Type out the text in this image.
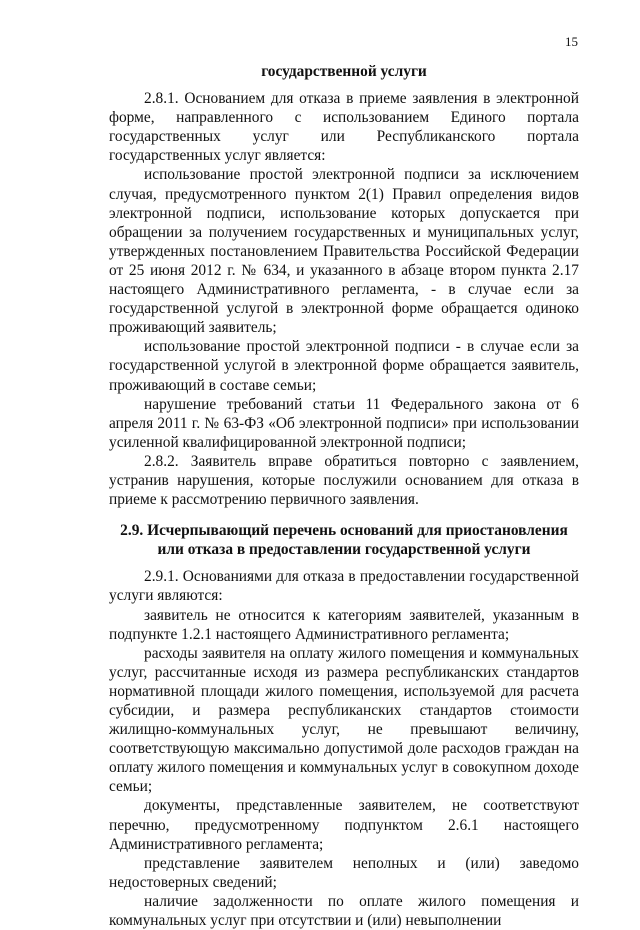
15
государственной услуги

2.8.1. Основанием для отказа в приеме заявления в электронной форме, направленного с использованием Единого портала государственных услуг или Республиканского портала государственных услуг является:

использование простой электронной подписи за исключением случая, предусмотренного пунктом 2(1) Правил определения видов электронной подписи, использование которых допускается при обращении за получением государственных и муниципальных услуг, утвержденных постановлением Правительства Российской Федерации от 25 июня 2012 г. № 634, и указанного в абзаце втором пункта 2.17 настоящего Административного регламента, - в случае если за государственной услугой в электронной форме обращается одиноко проживающий заявитель;

использование простой электронной подписи - в случае если за государственной услугой в электронной форме обращается заявитель, проживающий в составе семьи;

нарушение требований статьи 11 Федерального закона от 6 апреля 2011 г. № 63-ФЗ «Об электронной подписи» при использовании усиленной квалифицированной электронной подписи;

2.8.2. Заявитель вправе обратиться повторно с заявлением, устранив нарушения, которые послужили основанием для отказа в приеме к рассмотрению первичного заявления.

2.9. Исчерпывающий перечень оснований для приостановления
или отказа в предоставлении государственной услуги

2.9.1. Основаниями для отказа в предоставлении государственной услуги являются:

заявитель не относится к категориям заявителей, указанным в подпункте 1.2.1 настоящего Административного регламента;

расходы заявителя на оплату жилого помещения и коммунальных услуг, рассчитанные исходя из размера республиканских стандартов нормативной площади жилого помещения, используемой для расчета субсидии, и размера республиканских стандартов стоимости жилищно-коммунальных услуг, не превышают величину, соответствующую максимально допустимой доле расходов граждан на оплату жилого помещения и коммунальных услуг в совокупном доходе семьи;

документы, представленные заявителем, не соответствуют перечню, предусмотренному подпунктом 2.6.1 настоящего Административного регламента;

представление заявителем неполных и (или) заведомо недостоверных сведений;

наличие задолженности по оплате жилого помещения и коммунальных услуг при отсутствии и (или) невыполнении
